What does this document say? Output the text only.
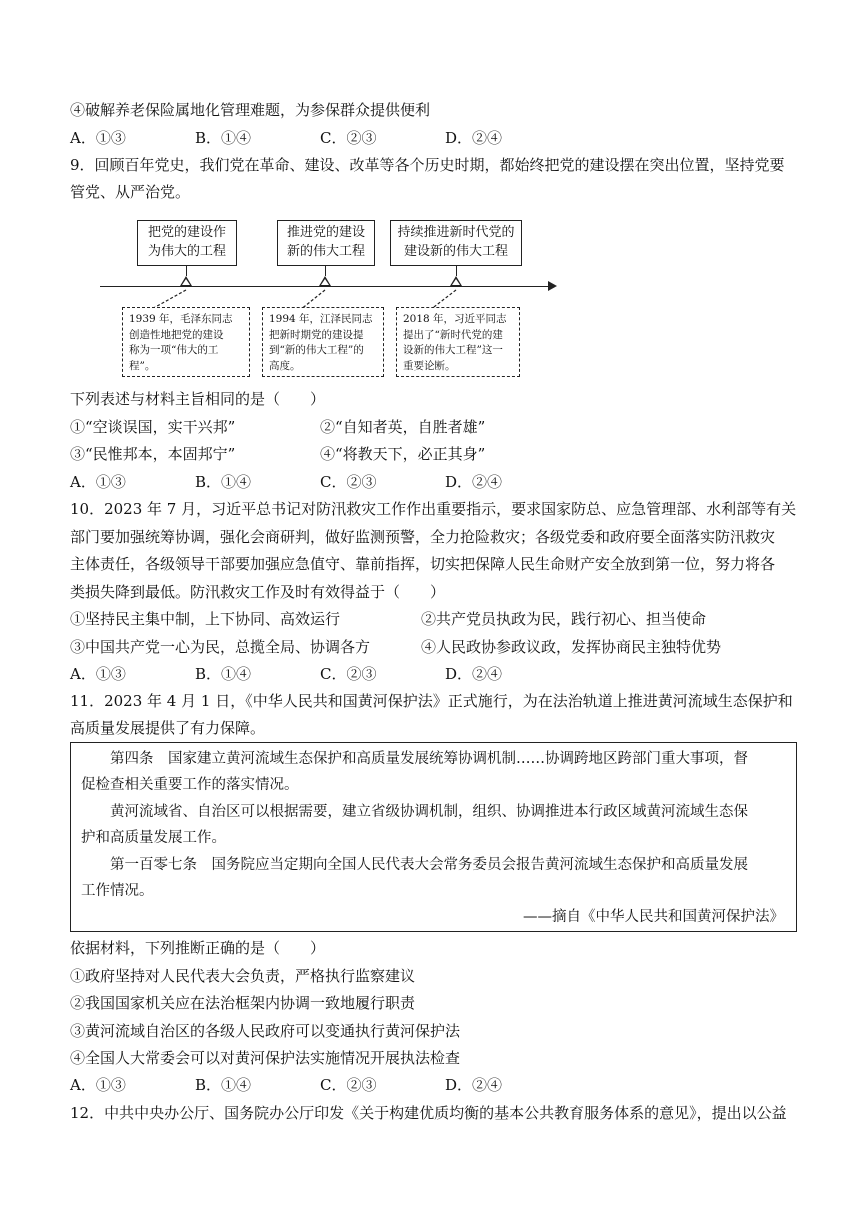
④破解养老保险属地化管理难题，为参保群众提供便利
A．①③	B．①④	C．②③	D．②④
9．回顾百年党史，我们党在革命、建设、改革等各个历史时期，都始终把党的建设摆在突出位置，坚持党要
管党、从严治党。
把党的建设作
为伟大的工程
推进党的建设
新的伟大工程
持续推进新时代党的
建设新的伟大工程
1939 年，毛泽东同志
创造性地把党的建设
称为一项“伟大的工
程”。
1994 年，江泽民同志
把新时期党的建设提
到“新的伟大工程”的
高度。
2018 年，习近平同志
提出了“新时代党的建
设新的伟大工程”这一
重要论断。
下列表述与材料主旨相同的是（　　）
①“空谈误国，实干兴邦”	②“自知者英，自胜者雄”
③“民惟邦本，本固邦宁”	④“将教天下，必正其身”
A．①③	B．①④	C．②③	D．②④
10．2023 年 7 月，习近平总书记对防汛救灾工作作出重要指示，要求国家防总、应急管理部、水利部等有关
部门要加强统筹协调，强化会商研判，做好监测预警，全力抢险救灾；各级党委和政府要全面落实防汛救灾
主体责任，各级领导干部要加强应急值守、靠前指挥，切实把保障人民生命财产安全放到第一位，努力将各
类损失降到最低。防汛救灾工作及时有效得益于（　　）
①坚持民主集中制，上下协同、高效运行	②共产党员执政为民，践行初心、担当使命
③中国共产党一心为民，总揽全局、协调各方	④人民政协参政议政，发挥协商民主独特优势
A．①③	B．①④	C．②③	D．②④
11．2023 年 4 月 1 日，《中华人民共和国黄河保护法》正式施行，为在法治轨道上推进黄河流域生态保护和
高质量发展提供了有力保障。
　　第四条　国家建立黄河流域生态保护和高质量发展统筹协调机制……协调跨地区跨部门重大事项，督
促检查相关重要工作的落实情况。
　　黄河流域省、自治区可以根据需要，建立省级协调机制，组织、协调推进本行政区域黄河流域生态保
护和高质量发展工作。
　　第一百零七条　国务院应当定期向全国人民代表大会常务委员会报告黄河流域生态保护和高质量发展
工作情况。
——摘自《中华人民共和国黄河保护法》
依据材料，下列推断正确的是（　　）
①政府坚持对人民代表大会负责，严格执行监察建议
②我国国家机关应在法治框架内协调一致地履行职责
③黄河流域自治区的各级人民政府可以变通执行黄河保护法
④全国人大常委会可以对黄河保护法实施情况开展执法检查
A．①③	B．①④	C．②③	D．②④
12．中共中央办公厅、国务院办公厅印发《关于构建优质均衡的基本公共教育服务体系的意见》，提出以公益
